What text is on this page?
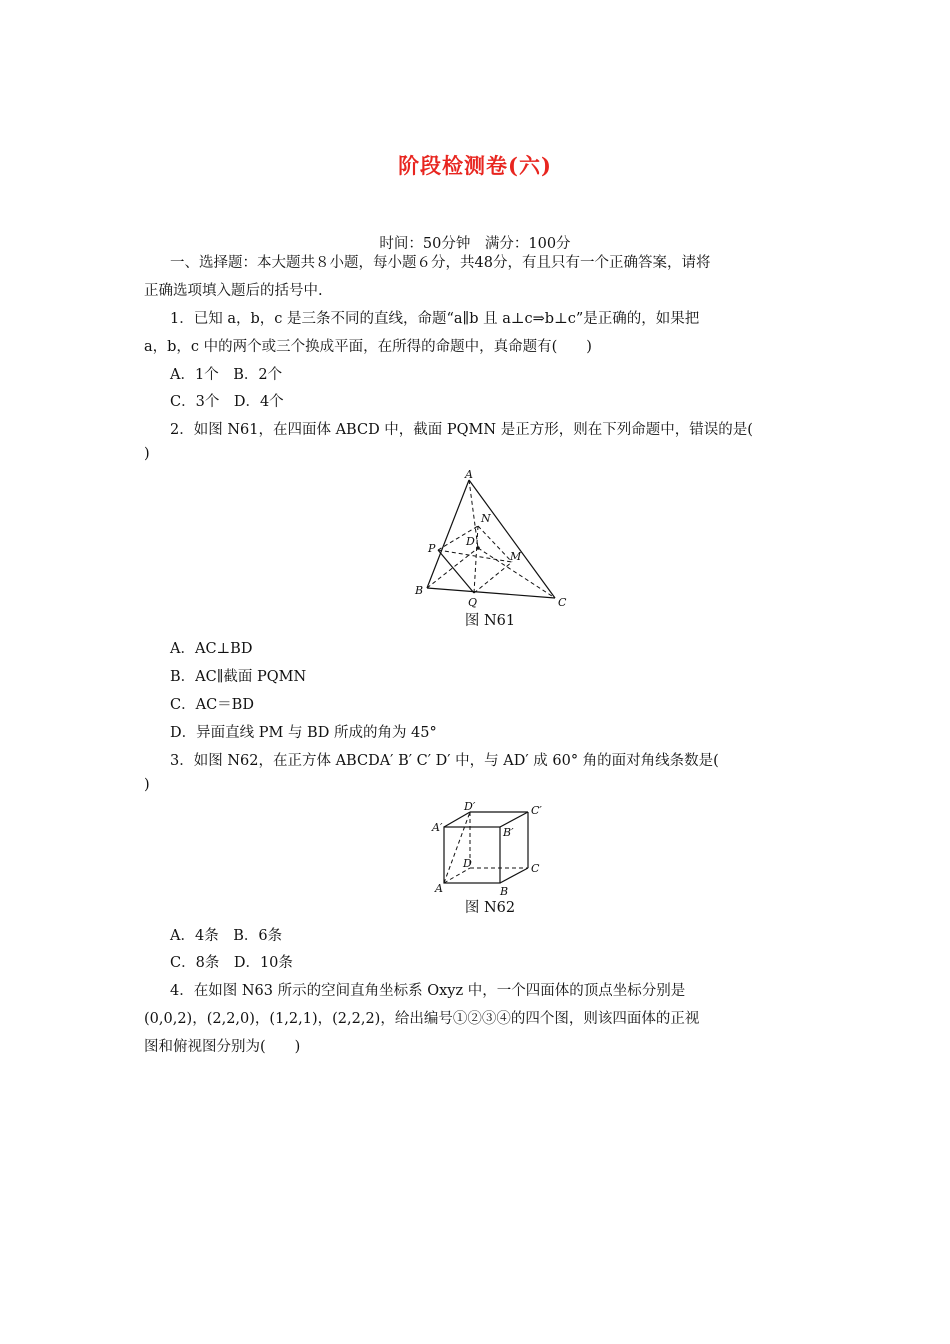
阶段检测卷(六)
时间：50分钟　满分：100分
一、选择题：本大题共８小题，每小题６分，共48分，有且只有一个正确答案，请将
正确选项填入题后的括号中.
1．已知 a，b，c 是三条不同的直线，命题“a∥b 且 a⊥c⇒b⊥c”是正确的，如果把
a，b，c 中的两个或三个换成平面，在所得的命题中，真命题有(　　)
A．1个　B．2个
C．3个　D．4个
2．如图 N61，在四面体 ABCD 中，截面 PQMN 是正方形，则在下列命题中，错误的是(
)
A
N
D
P
M
B
Q	C
图 N61
A．AC⊥BD
B．AC∥截面 PQMN
C．AC＝BD
D．异面直线 PM 与 BD 所成的角为 45°
3．如图 N62，在正方体 ABCDA′ B′ C′ D′ 中，与 AD′ 成 60° 角的面对角线条数是(
)
D′	C′
A′	B′
D	C
A	B
图 N62
A．4条　B．6条
C．8条　D．10条
4．在如图 N63 所示的空间直角坐标系 Oxyz 中，一个四面体的顶点坐标分别是
(0,0,2)，(2,2,0)，(1,2,1)，(2,2,2)，给出编号①②③④的四个图，则该四面体的正视
图和俯视图分别为(　　)
